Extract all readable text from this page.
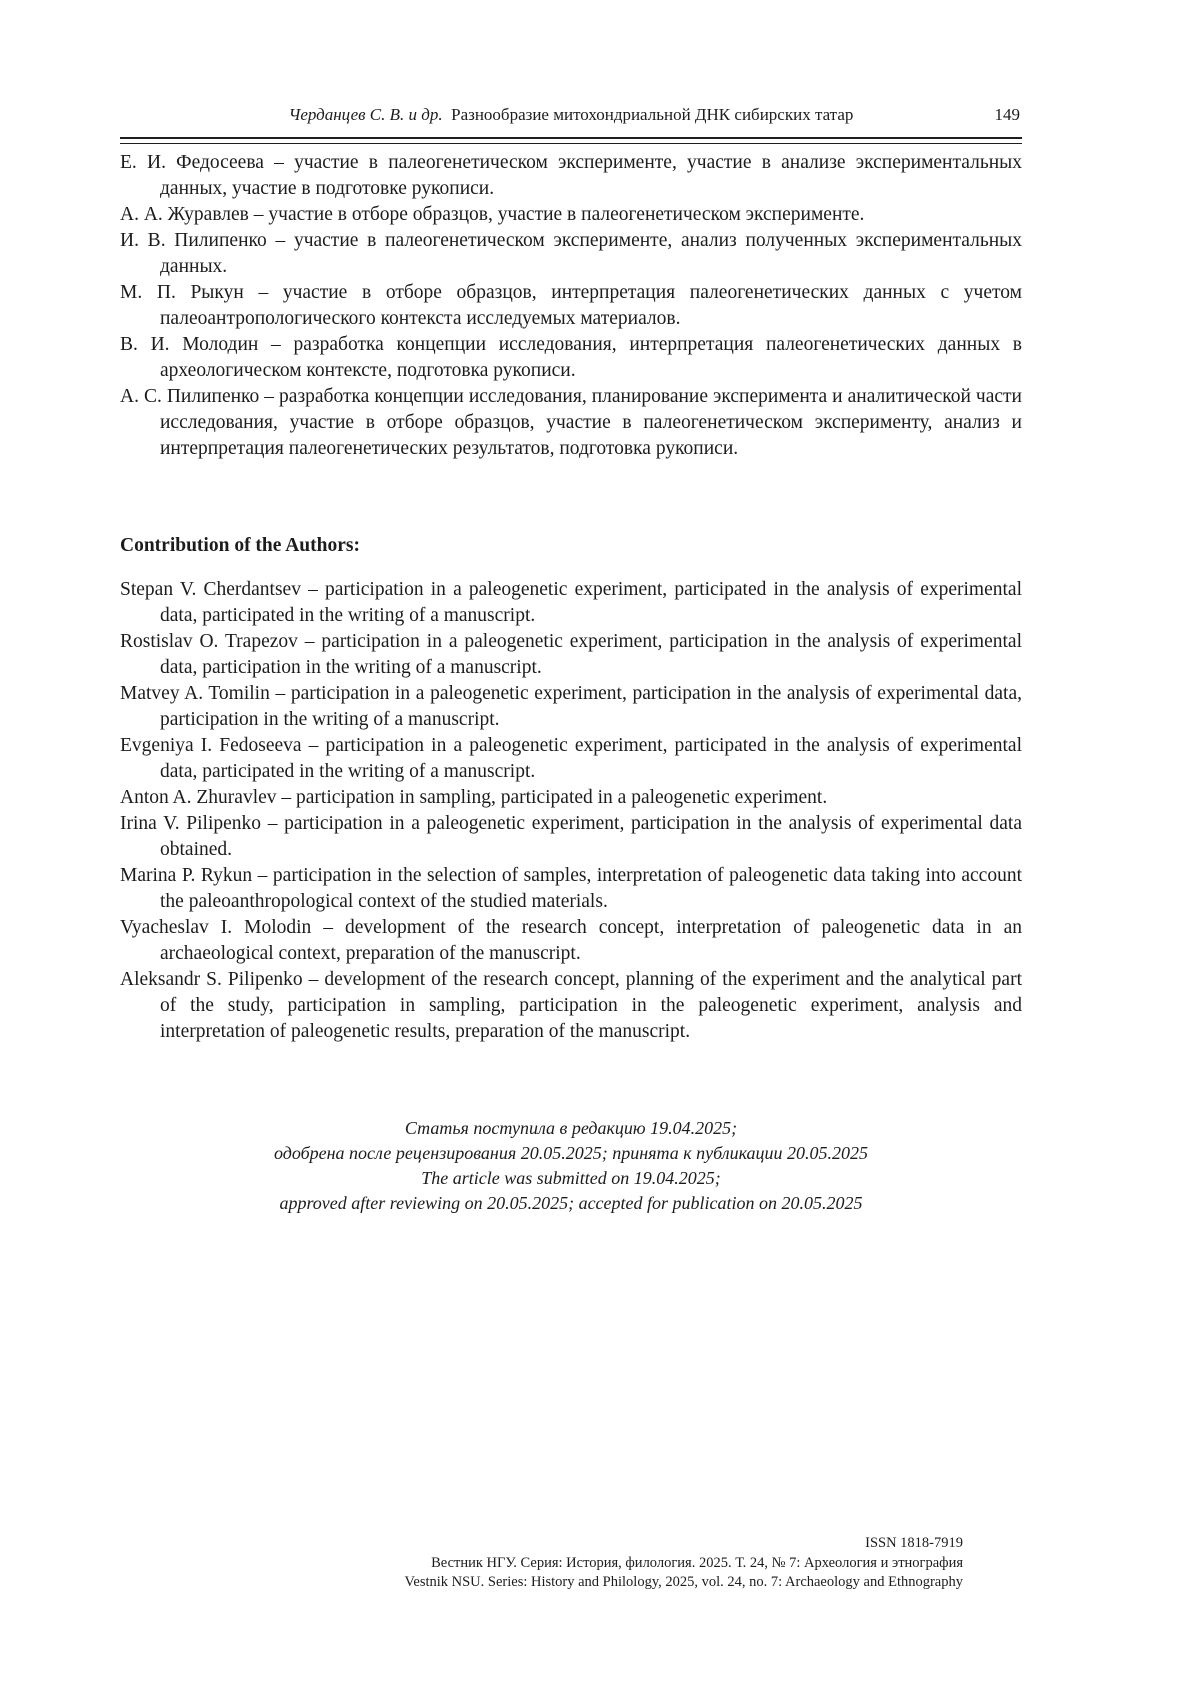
Черданцев С. В. и др. Разнообразие митохондриальной ДНК сибирских татар	149

Е. И. Федосеева – участие в палеогенетическом эксперименте, участие в анализе экспериментальных данных, участие в подготовке рукописи.

А. А. Журавлев – участие в отборе образцов, участие в палеогенетическом эксперименте.

И. В. Пилипенко – участие в палеогенетическом эксперименте, анализ полученных экспериментальных данных.

М. П. Рыкун – участие в отборе образцов, интерпретация палеогенетических данных с учетом палеоантропологического контекста исследуемых материалов.

В. И. Молодин – разработка концепции исследования, интерпретация палеогенетических данных в археологическом контексте, подготовка рукописи.

А. С. Пилипенко – разработка концепции исследования, планирование эксперимента и аналитической части исследования, участие в отборе образцов, участие в палеогенетическом эксперименту, анализ и интерпретация палеогенетических результатов, подготовка рукописи.

Contribution of the Authors:

Stepan V. Cherdantsev – participation in a paleogenetic experiment, participated in the analysis of experimental data, participated in the writing of a manuscript.

Rostislav O. Trapezov – participation in a paleogenetic experiment, participation in the analysis of experimental data, participation in the writing of a manuscript.

Matvey A. Tomilin – participation in a paleogenetic experiment, participation in the analysis of experimental data, participation in the writing of a manuscript.

Evgeniya I. Fedoseeva – participation in a paleogenetic experiment, participated in the analysis of experimental data, participated in the writing of a manuscript.

Anton A. Zhuravlev – participation in sampling, participated in a paleogenetic experiment.

Irina V. Pilipenko – participation in a paleogenetic experiment, participation in the analysis of experimental data obtained.

Marina P. Rykun – participation in the selection of samples, interpretation of paleogenetic data taking into account the paleoanthropological context of the studied materials.

Vyacheslav I. Molodin – development of the research concept, interpretation of paleogenetic data in an archaeological context, preparation of the manuscript.

Aleksandr S. Pilipenko – development of the research concept, planning of the experiment and the analytical part of the study, participation in sampling, participation in the paleogenetic experiment, analysis and interpretation of paleogenetic results, preparation of the manuscript.

Статья поступила в редакцию 19.04.2025;

одобрена после рецензирования 20.05.2025; принята к публикации 20.05.2025

The article was submitted on 19.04.2025;

approved after reviewing on 20.05.2025; accepted for publication on 20.05.2025

ISSN 1818-7919

Вестник НГУ. Серия: История, филология. 2025. Т. 24, № 7: Археология и этнография

Vestnik NSU. Series: History and Philology, 2025, vol. 24, no. 7: Archaeology and Ethnography
